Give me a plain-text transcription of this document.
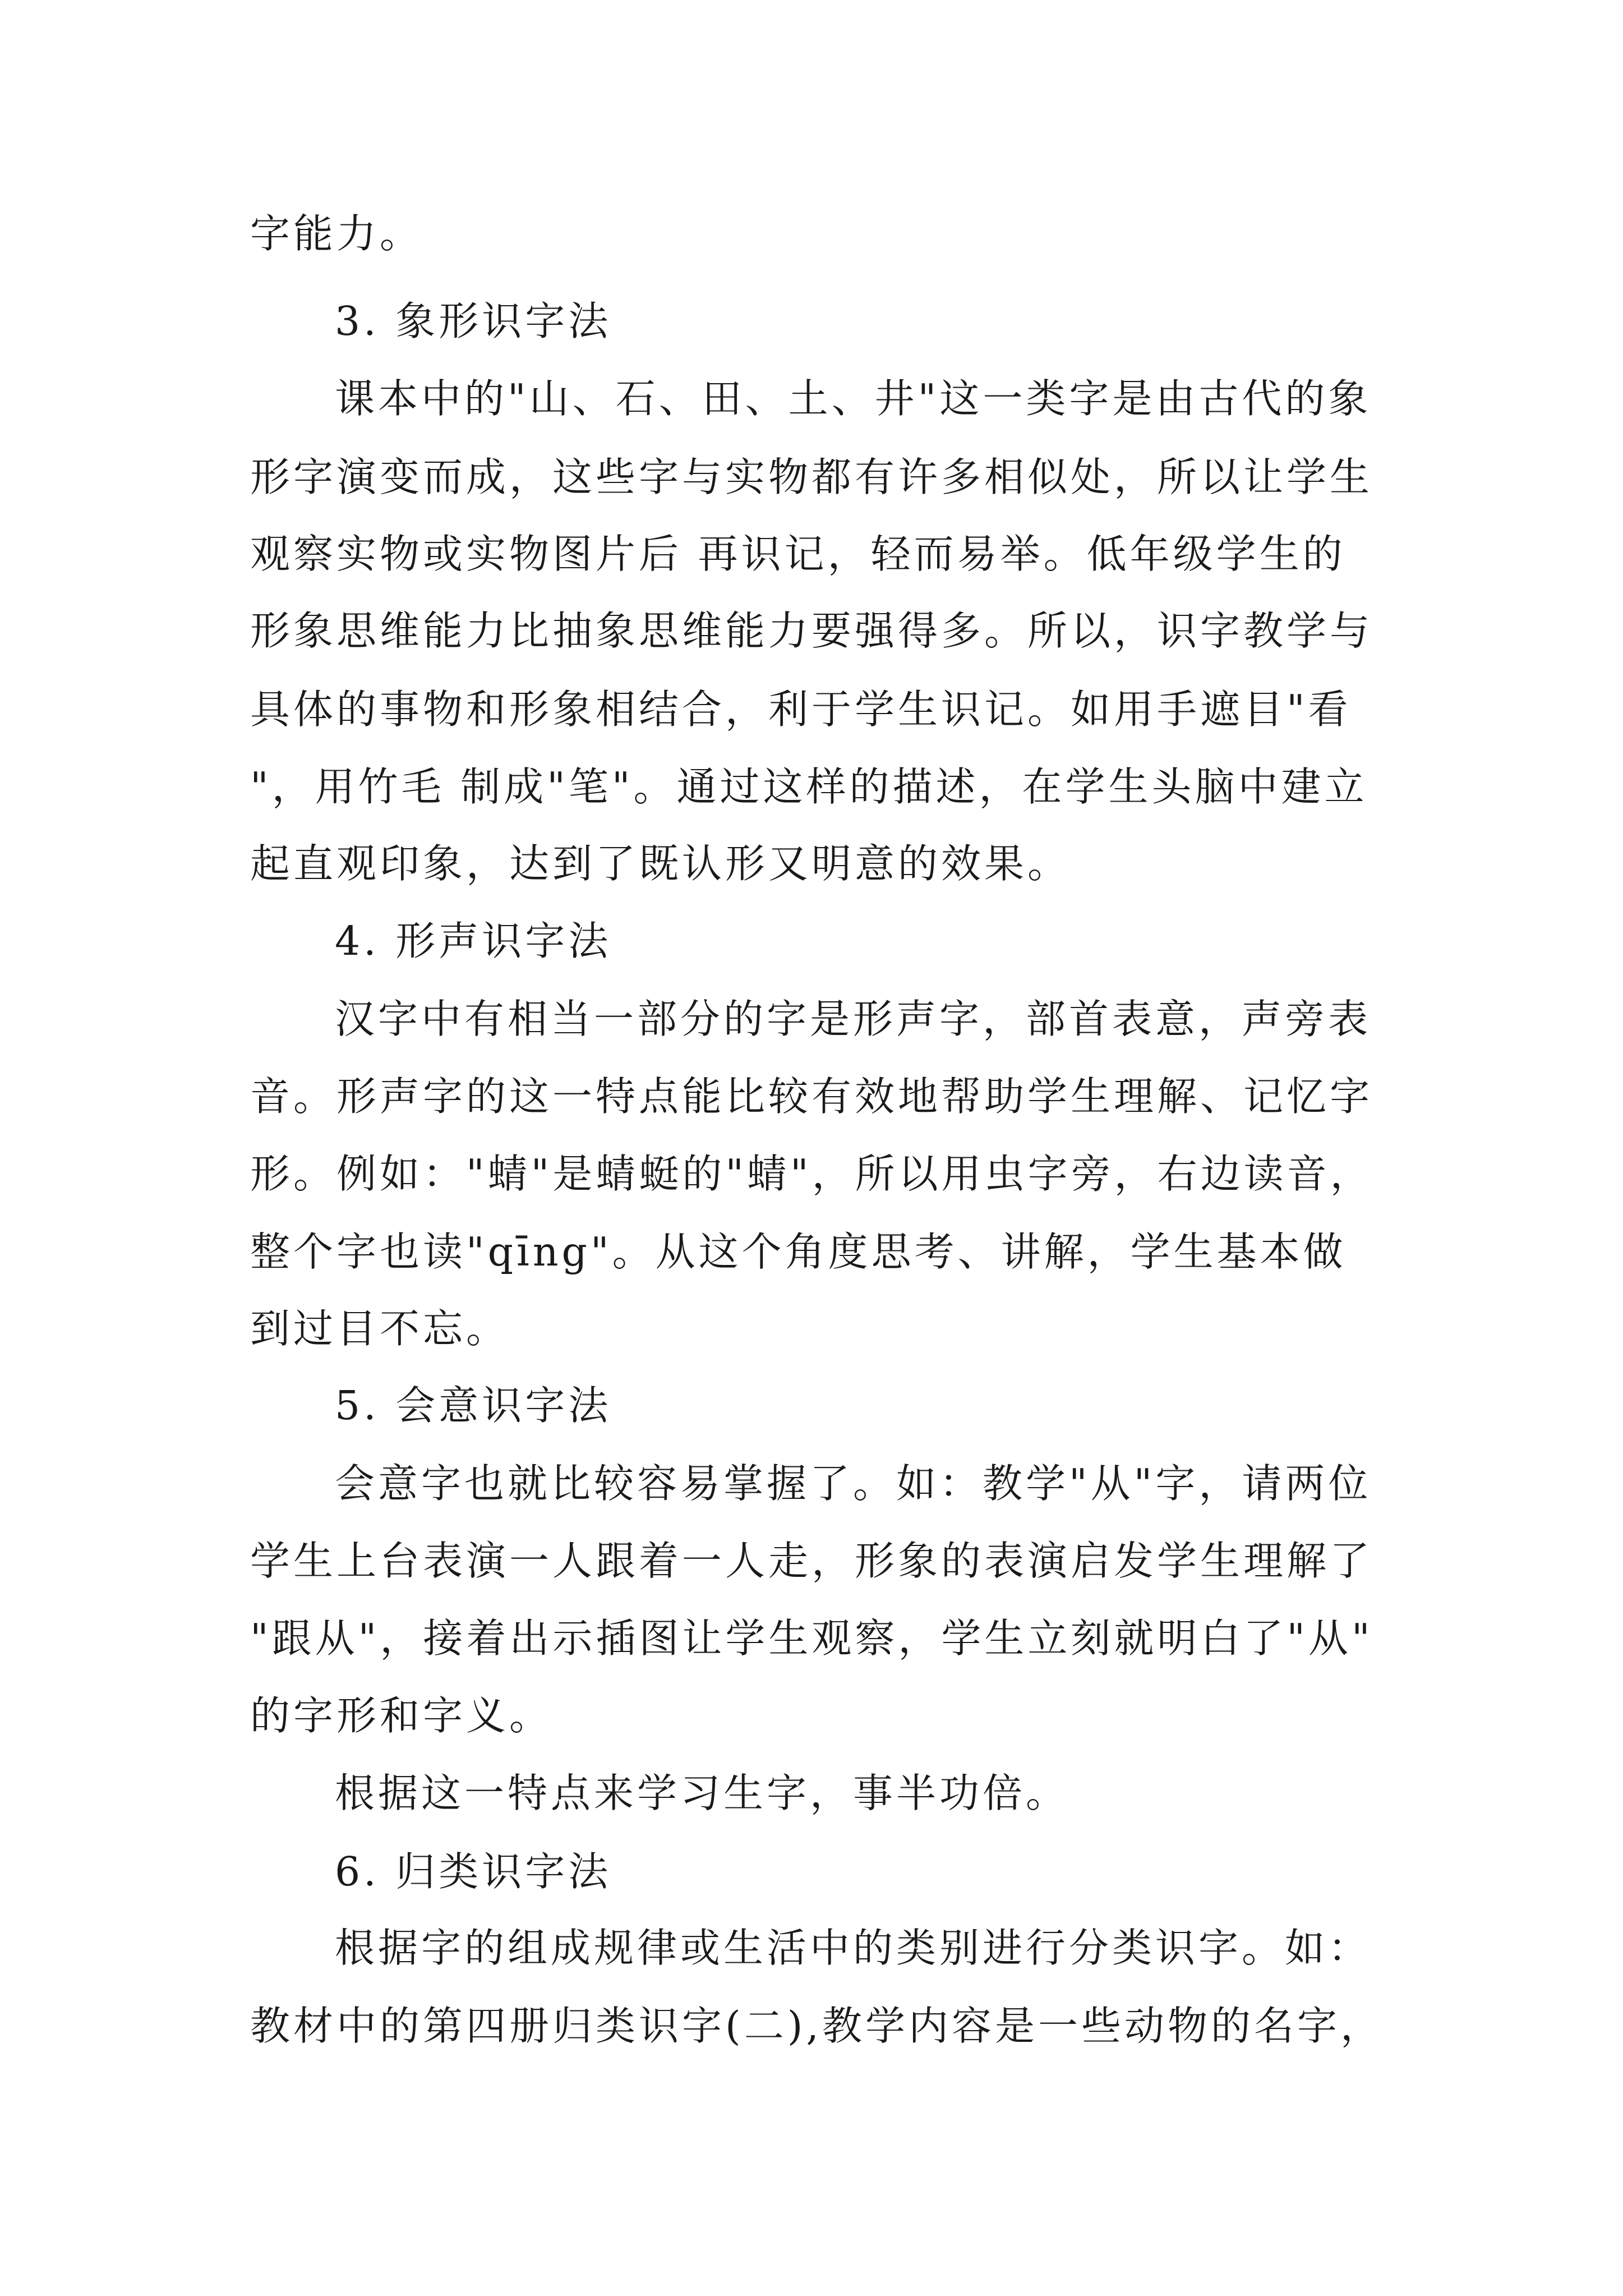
字能力。
3. 象形识字法
课本中的"山、石、田、土、井"这一类字是由古代的象
形字演变而成，这些字与实物都有许多相似处，所以让学生
观察实物或实物图片后 再识记，轻而易举。低年级学生的
形象思维能力比抽象思维能力要强得多。所以，识字教学与
具体的事物和形象相结合，利于学生识记。如用手遮目"看
"，用竹毛 制成"笔"。通过这样的描述，在学生头脑中建立
起直观印象，达到了既认形又明意的效果。
4. 形声识字法
汉字中有相当一部分的字是形声字，部首表意，声旁表
音。形声字的这一特点能比较有效地帮助学生理解、记忆字
形。例如："蜻"是蜻蜓的"蜻"，所以用虫字旁，右边读音，
整个字也读"qīng"。从这个角度思考、讲解，学生基本做
到过目不忘。
5. 会意识字法
会意字也就比较容易掌握了。如：教学"从"字，请两位
学生上台表演一人跟着一人走，形象的表演启发学生理解了
"跟从"，接着出示插图让学生观察，学生立刻就明白了"从"
的字形和字义。
根据这一特点来学习生字，事半功倍。
6. 归类识字法
根据字的组成规律或生活中的类别进行分类识字。如：
教材中的第四册归类识字(二),教学内容是一些动物的名字，
